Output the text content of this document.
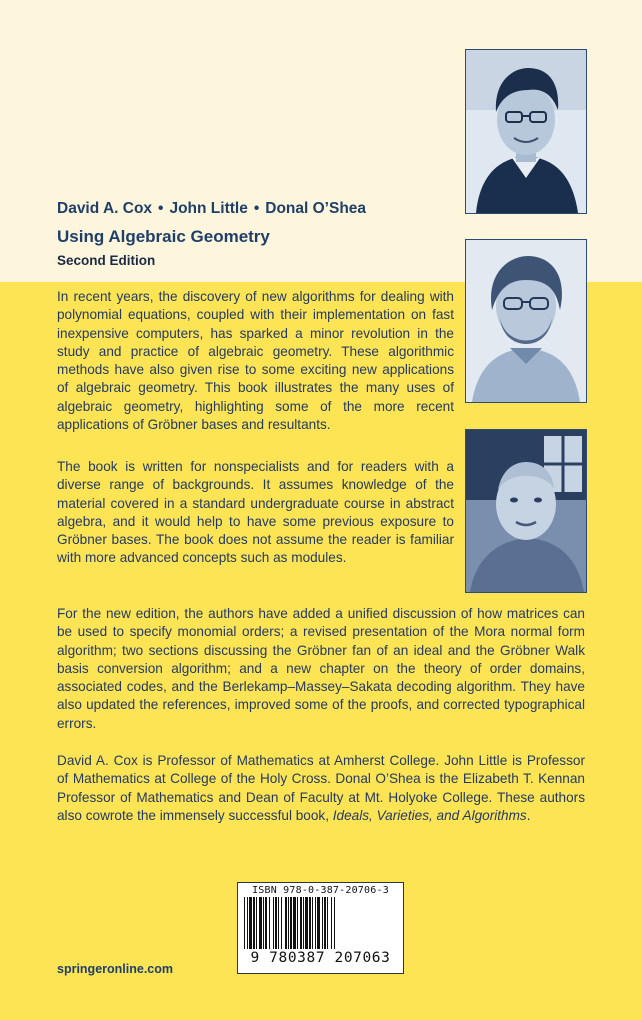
David A. Cox • John Little • Donal O’Shea
Using Algebraic Geometry
Second Edition

In recent years, the discovery of new algorithms for dealing with polynomial equations, coupled with their implementation on fast inexpensive computers, has sparked a minor revolution in the study and practice of algebraic geometry. These algorithmic methods have also given rise to some exciting new applications of algebraic geometry. This book illustrates the many uses of algebraic geometry, highlighting some of the more recent applications of Gröbner bases and resultants.

The book is written for nonspecialists and for readers with a diverse range of backgrounds. It assumes knowledge of the material covered in a standard undergraduate course in abstract algebra, and it would help to have some previous exposure to Gröbner bases. The book does not assume the reader is familiar with more advanced concepts such as modules.

For the new edition, the authors have added a unified discussion of how matrices can be used to specify monomial orders; a revised presentation of the Mora normal form algorithm; two sections discussing the Gröbner fan of an ideal and the Gröbner Walk basis conversion algorithm; and a new chapter on the theory of order domains, associated codes, and the Berlekamp–Massey–Sakata decoding algorithm. They have also updated the references, improved some of the proofs, and corrected typographical errors.

David A. Cox is Professor of Mathematics at Amherst College. John Little is Professor of Mathematics at College of the Holy Cross. Donal O’Shea is the Elizabeth T. Kennan Professor of Mathematics and Dean of Faculty at Mt. Holyoke College. These authors also cowrote the immensely successful book, Ideals, Varieties, and Algorithms.

ISBN 978-0-387-20706-3
9 780387 207063
springeronline.com
